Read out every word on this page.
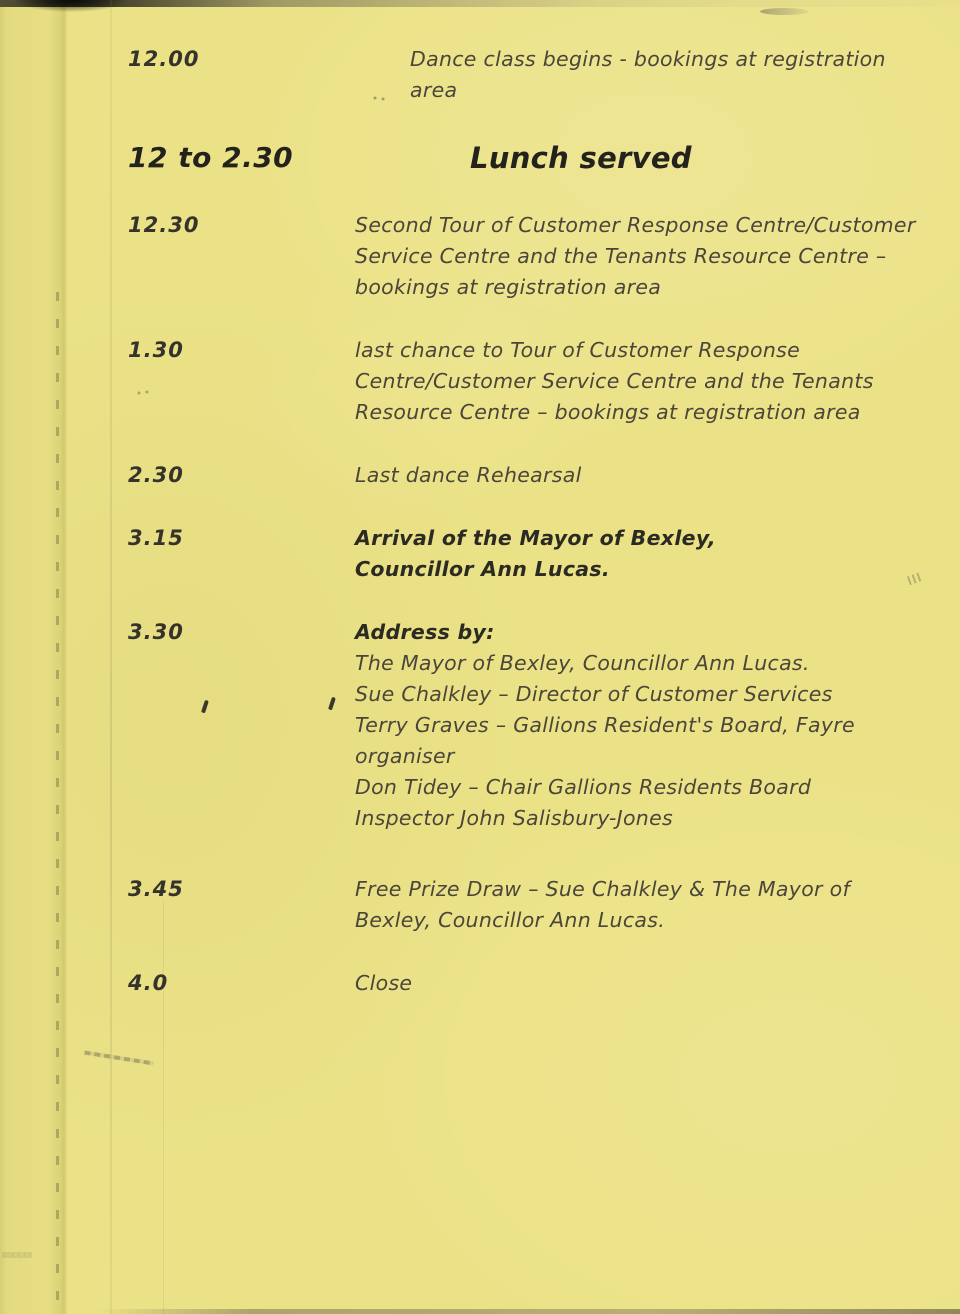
12.00	Dance class begins - bookings at registration
area
12 to 2.30	Lunch served
12.30	Second Tour of Customer Response Centre/Customer
Service Centre and the Tenants Resource Centre –
bookings at registration area
1.30	last chance to Tour of Customer Response
Centre/Customer Service Centre and the Tenants
Resource Centre – bookings at registration area
2.30	Last dance Rehearsal
3.15	Arrival of the Mayor of Bexley,
Councillor Ann Lucas.
3.30	Address by:
The Mayor of Bexley, Councillor Ann Lucas.
Sue Chalkley – Director of Customer Services
Terry Graves – Gallions Resident's Board, Fayre
organiser
Don Tidey – Chair Gallions Residents Board
Inspector John Salisbury-Jones
3.45	Free Prize Draw – Sue Chalkley & The Mayor of
Bexley, Councillor Ann Lucas.
4.0	Close
